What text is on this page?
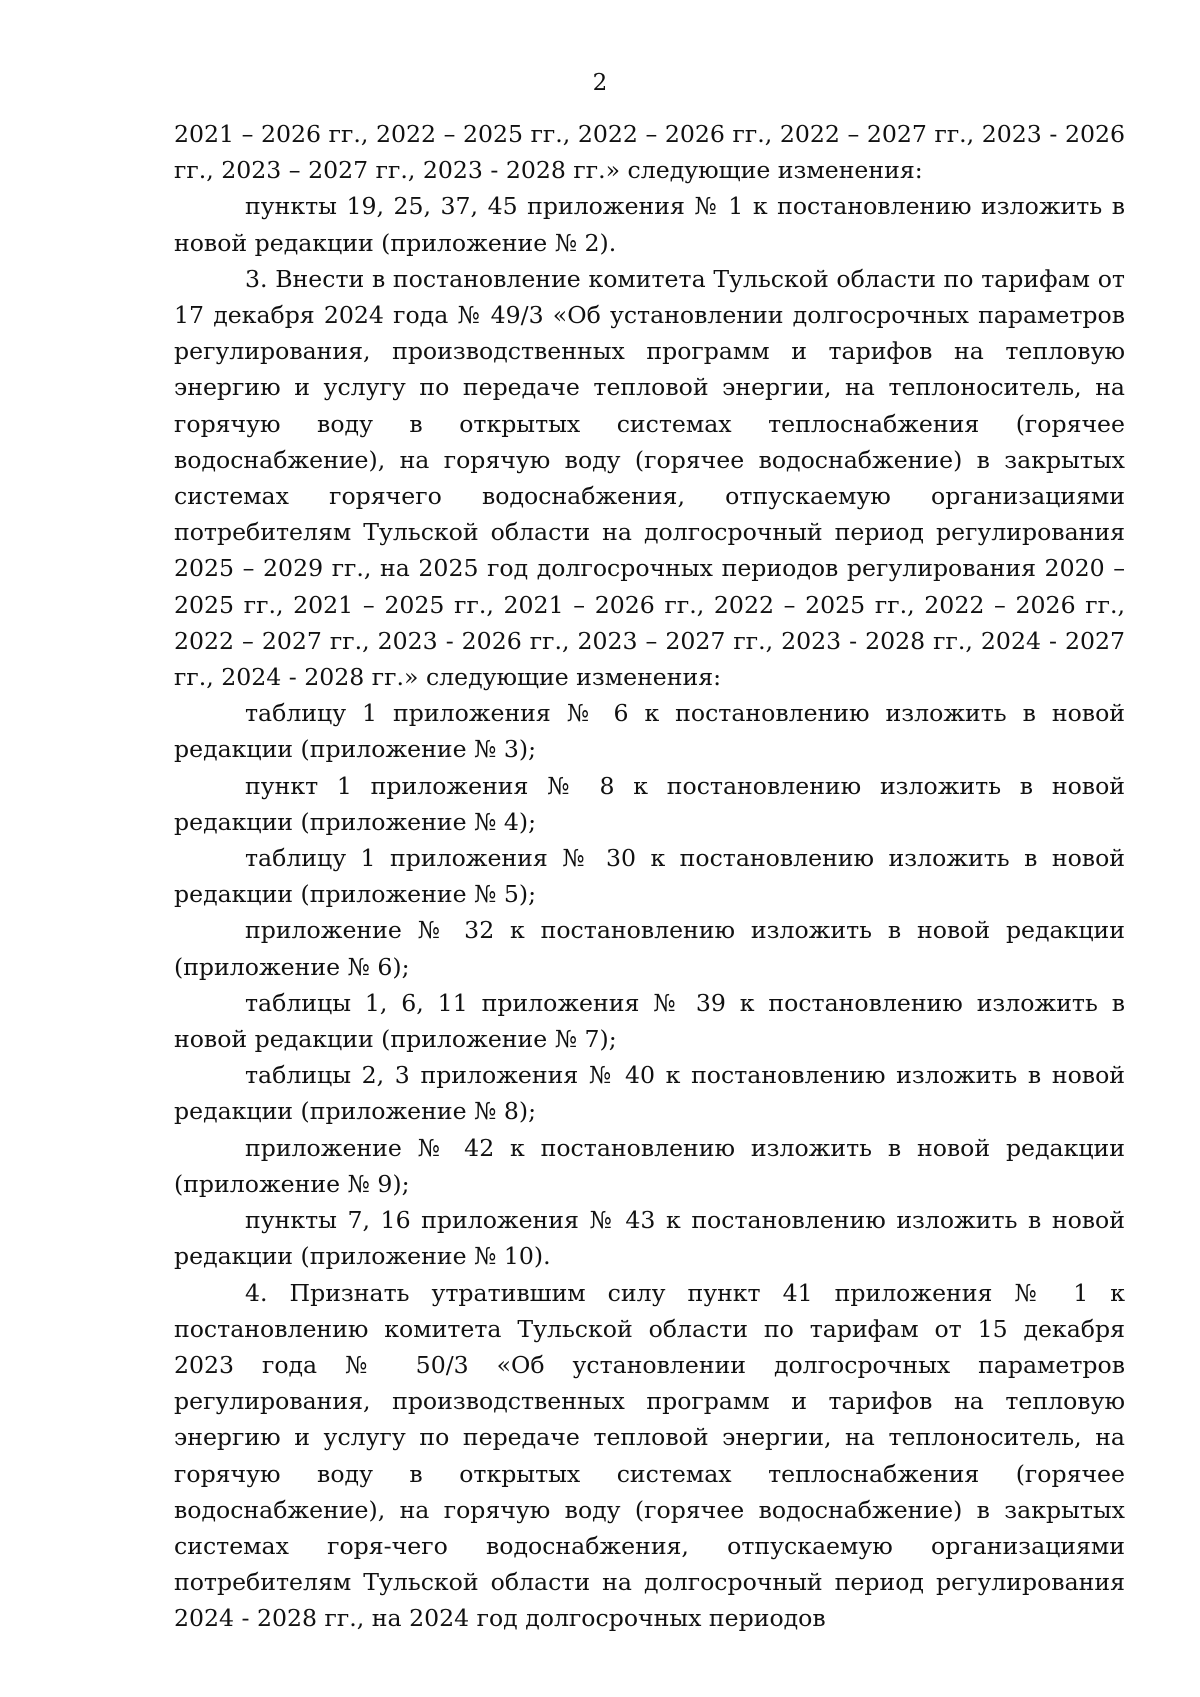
2

2021 – 2026 гг., 2022 – 2025 гг., 2022 – 2026 гг., 2022 – 2027 гг., 2023 - 2026 гг., 2023 – 2027 гг., 2023 - 2028 гг.» следующие изменения:

пункты 19, 25, 37, 45 приложения № 1 к постановлению изложить в новой редакции (приложение № 2).

3. Внести в постановление комитета Тульской области по тарифам от 17 декабря 2024 года № 49/3 «Об установлении долгосрочных параметров регулирования, производственных программ и тарифов на тепловую энергию и услугу по передаче тепловой энергии, на теплоноситель, на горячую воду в открытых системах теплоснабжения (горячее водоснабжение), на горячую воду (горячее водоснабжение) в закрытых системах горячего водоснабжения, отпускаемую организациями потребителям Тульской области на долгосрочный период регулирования 2025 – 2029 гг., на 2025 год долгосрочных периодов регулирования 2020 – 2025 гг., 2021 – 2025 гг., 2021 – 2026 гг., 2022 – 2025 гг., 2022 – 2026 гг., 2022 – 2027 гг., 2023 - 2026 гг., 2023 – 2027 гг., 2023 - 2028 гг., 2024 - 2027 гг., 2024 - 2028 гг.» следующие изменения:

таблицу 1 приложения № 6 к постановлению изложить в новой редакции (приложение № 3);

пункт 1 приложения № 8 к постановлению изложить в новой редакции (приложение № 4);

таблицу 1 приложения № 30 к постановлению изложить в новой редакции (приложение № 5);

приложение № 32 к постановлению изложить в новой редакции (приложение № 6);

таблицы 1, 6, 11 приложения № 39 к постановлению изложить в новой редакции (приложение № 7);

таблицы 2, 3 приложения № 40 к постановлению изложить в новой редакции (приложение № 8);

приложение № 42 к постановлению изложить в новой редакции (приложение № 9);

пункты 7, 16 приложения № 43 к постановлению изложить в новой редакции (приложение № 10).

4. Признать утратившим силу пункт 41 приложения № 1 к постановлению комитета Тульской области по тарифам от 15 декабря 2023 года № 50/3 «Об установлении долгосрочных параметров регулирования, производственных программ и тарифов на тепловую энергию и услугу по передаче тепловой энергии, на теплоноситель, на горячую воду в открытых системах теплоснабжения (горячее водоснабжение), на горячую воду (горячее водоснабжение) в закрытых системах горя-чего водоснабжения, отпускаемую организациями потребителям Тульской области на долгосрочный период регулирования 2024 - 2028 гг., на 2024 год долгосрочных периодов
